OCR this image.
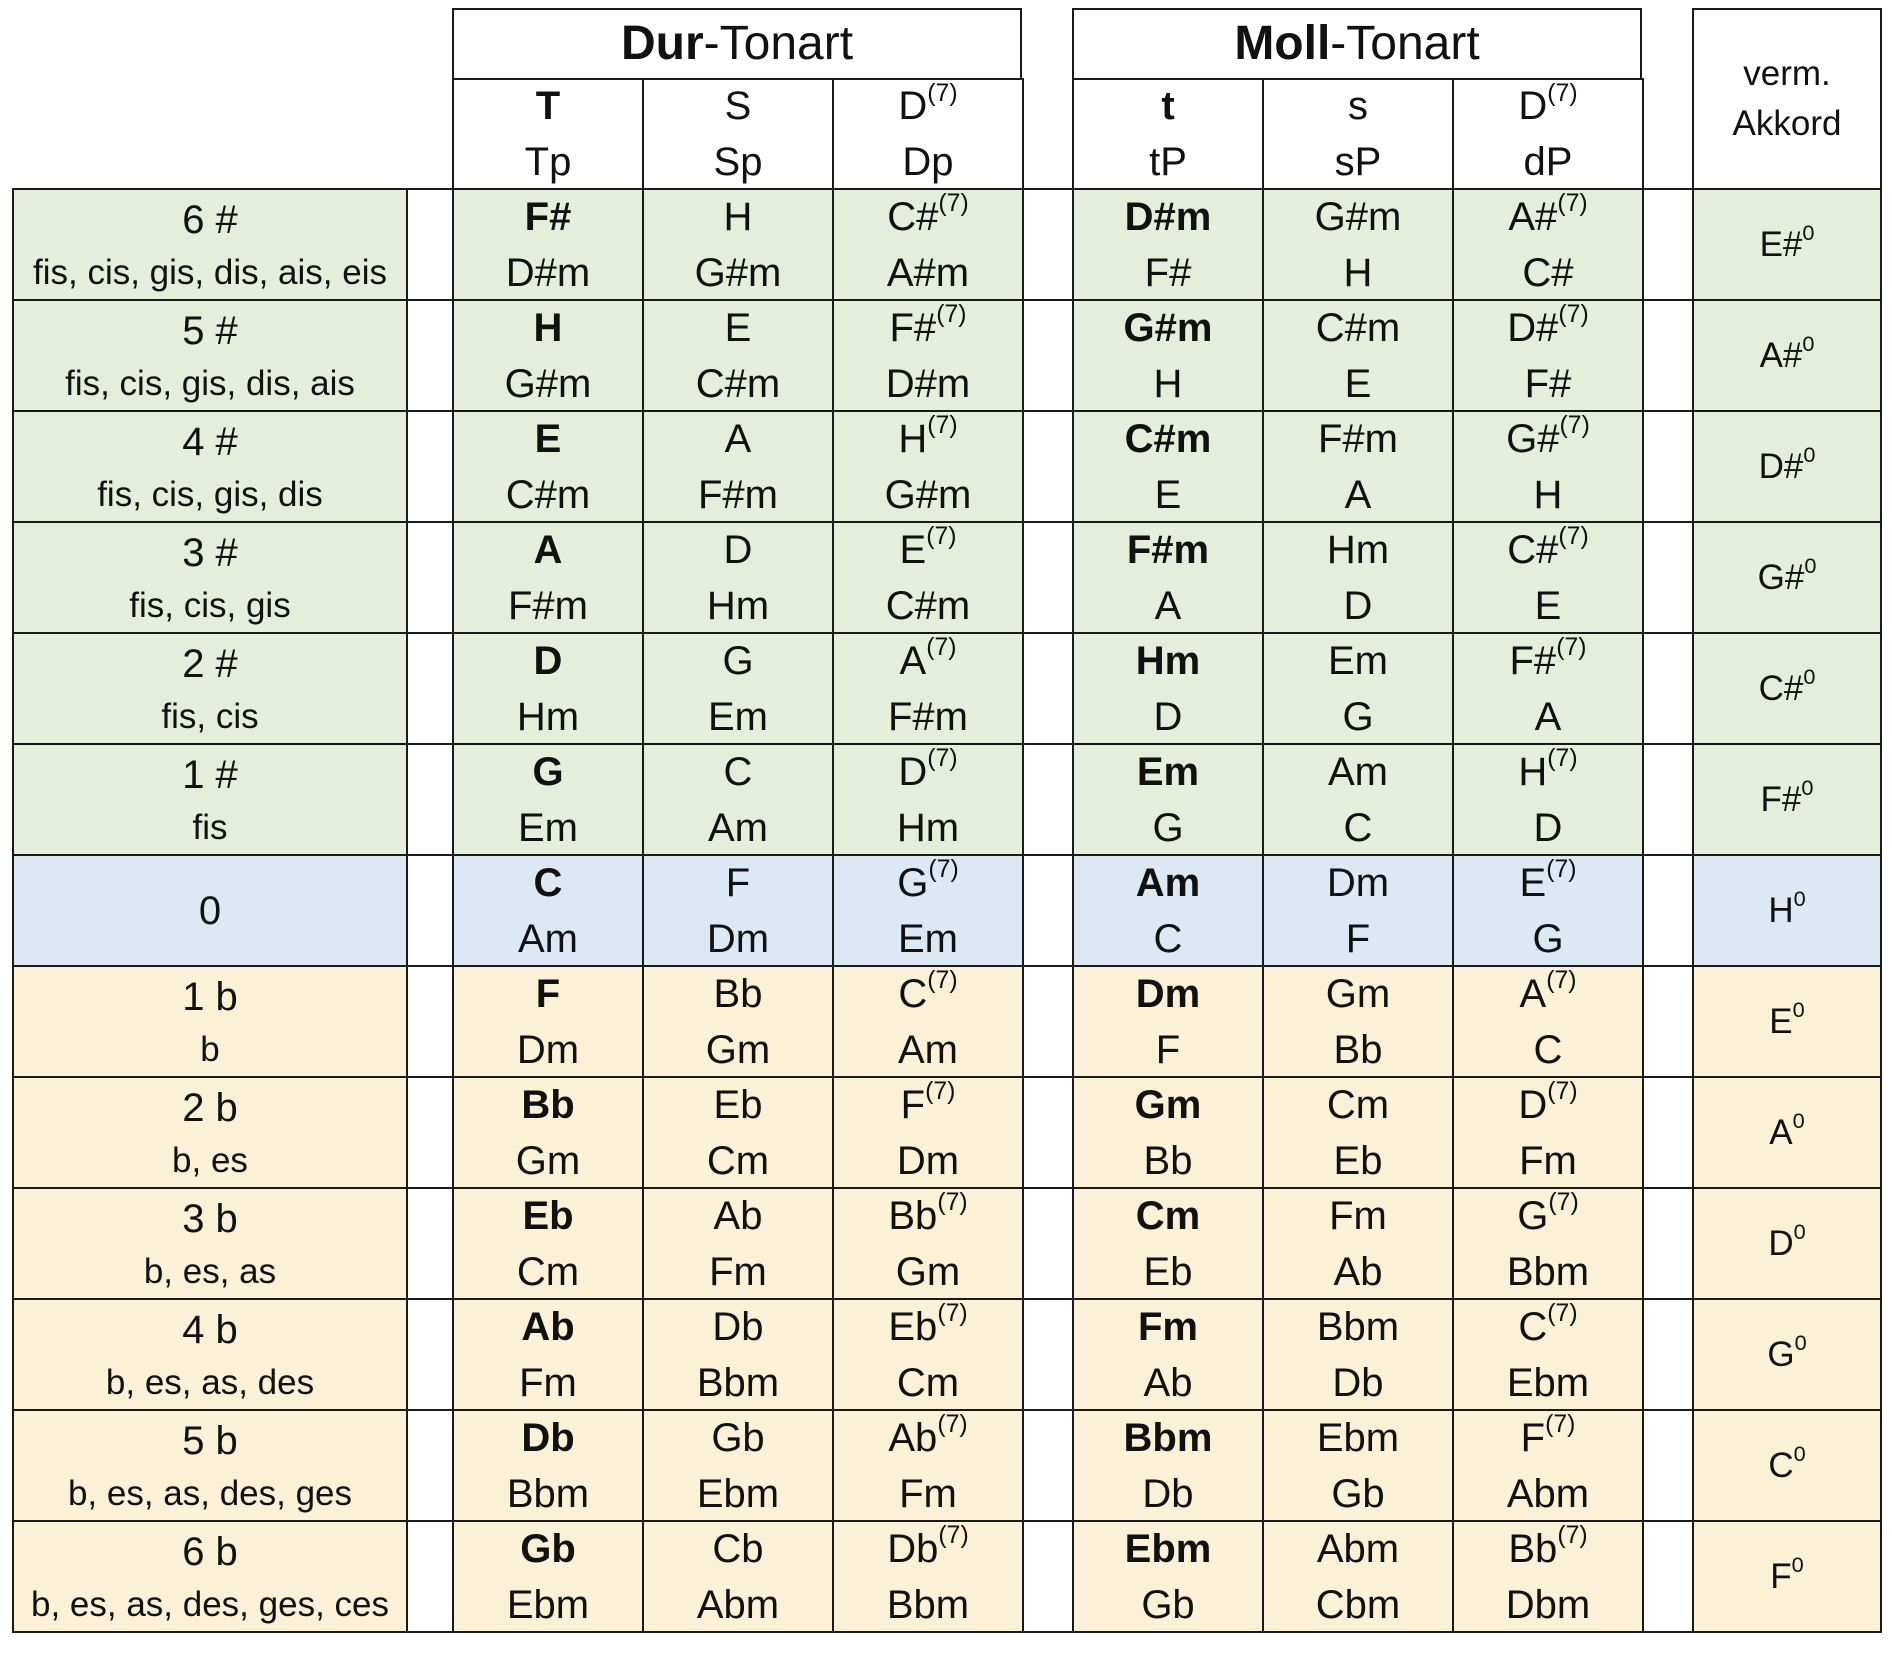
Dur-Tonart	Moll-Tonart
verm.
Akkord
T
Tp
S
Sp
$D^{(7)}$
Dp
t
tP
s
sP
$D^{(7)}$
dP
6 #
fis, cis, gis, dis, ais, eis
F#
D#m
H
G#m
C#$^{(7)}$
A#m
D#m
F#
G#m
H
A#$^{(7)}$
C#
E#$^0$
5 #
fis, cis, gis, dis, ais
H
G#m
E
C#m
F#$^{(7)}$
D#m
G#m
H
C#m
E
D#$^{(7)}$
F#
A#$^0$
4 #
fis, cis, gis, dis
E
C#m
A
F#m
$H^{(7)}$
G#m
C#m
E
F#m
A
G#$^{(7)}$
H
D#$^0$
3 #
fis, cis, gis
A
F#m
D
Hm
$E^{(7)}$
C#m
F#m
A
Hm
D
C#$^{(7)}$
E
G#$^0$
2 #
fis, cis
D
Hm
G
Em
$A^{(7)}$
F#m
Hm
D
Em
G
F#$^{(7)}$
A
C#$^0$
1 #
fis
G
Em
C
Am
$D^{(7)}$
Hm
Em
G
Am
C
$H^{(7)}$
D
F#$^0$
0
C
Am
F
Dm
$G^{(7)}$
Em
Am
C
Dm
F
$E^{(7)}$
G
$H^0$
1 b
b
F
Dm
Bb
Gm
$C^{(7)}$
Am
Dm
F
Gm
Bb
$A^{(7)}$
C
$E^0$
2 b
b, es
Bb
Gm
Eb
Cm
$F^{(7)}$
Dm
Gm
Bb
Cm
Eb
$D^{(7)}$
Fm
$A^0$
3 b
b, es, as
Eb
Cm
Ab
Fm
Bb$^{(7)}$
Gm
Cm
Eb
Fm
Ab
$G^{(7)}$
Bbm
$D^0$
4 b
b, es, as, des
Ab
Fm
Db
Bbm
Eb$^{(7)}$
Cm
Fm
Ab
Bbm
Db
$C^{(7)}$
Ebm
$G^0$
5 b
b, es, as, des, ges
Db
Bbm
Gb
Ebm
Ab$^{(7)}$
Fm
Bbm
Db
Ebm
Gb
$F^{(7)}$
Abm
$C^0$
6 b
b, es, as, des, ges, ces
Gb
Ebm
Cb
Abm
Db$^{(7)}$
Bbm
Ebm
Gb
Abm
Cbm
Bb$^{(7)}$
Dbm
$F^0$
